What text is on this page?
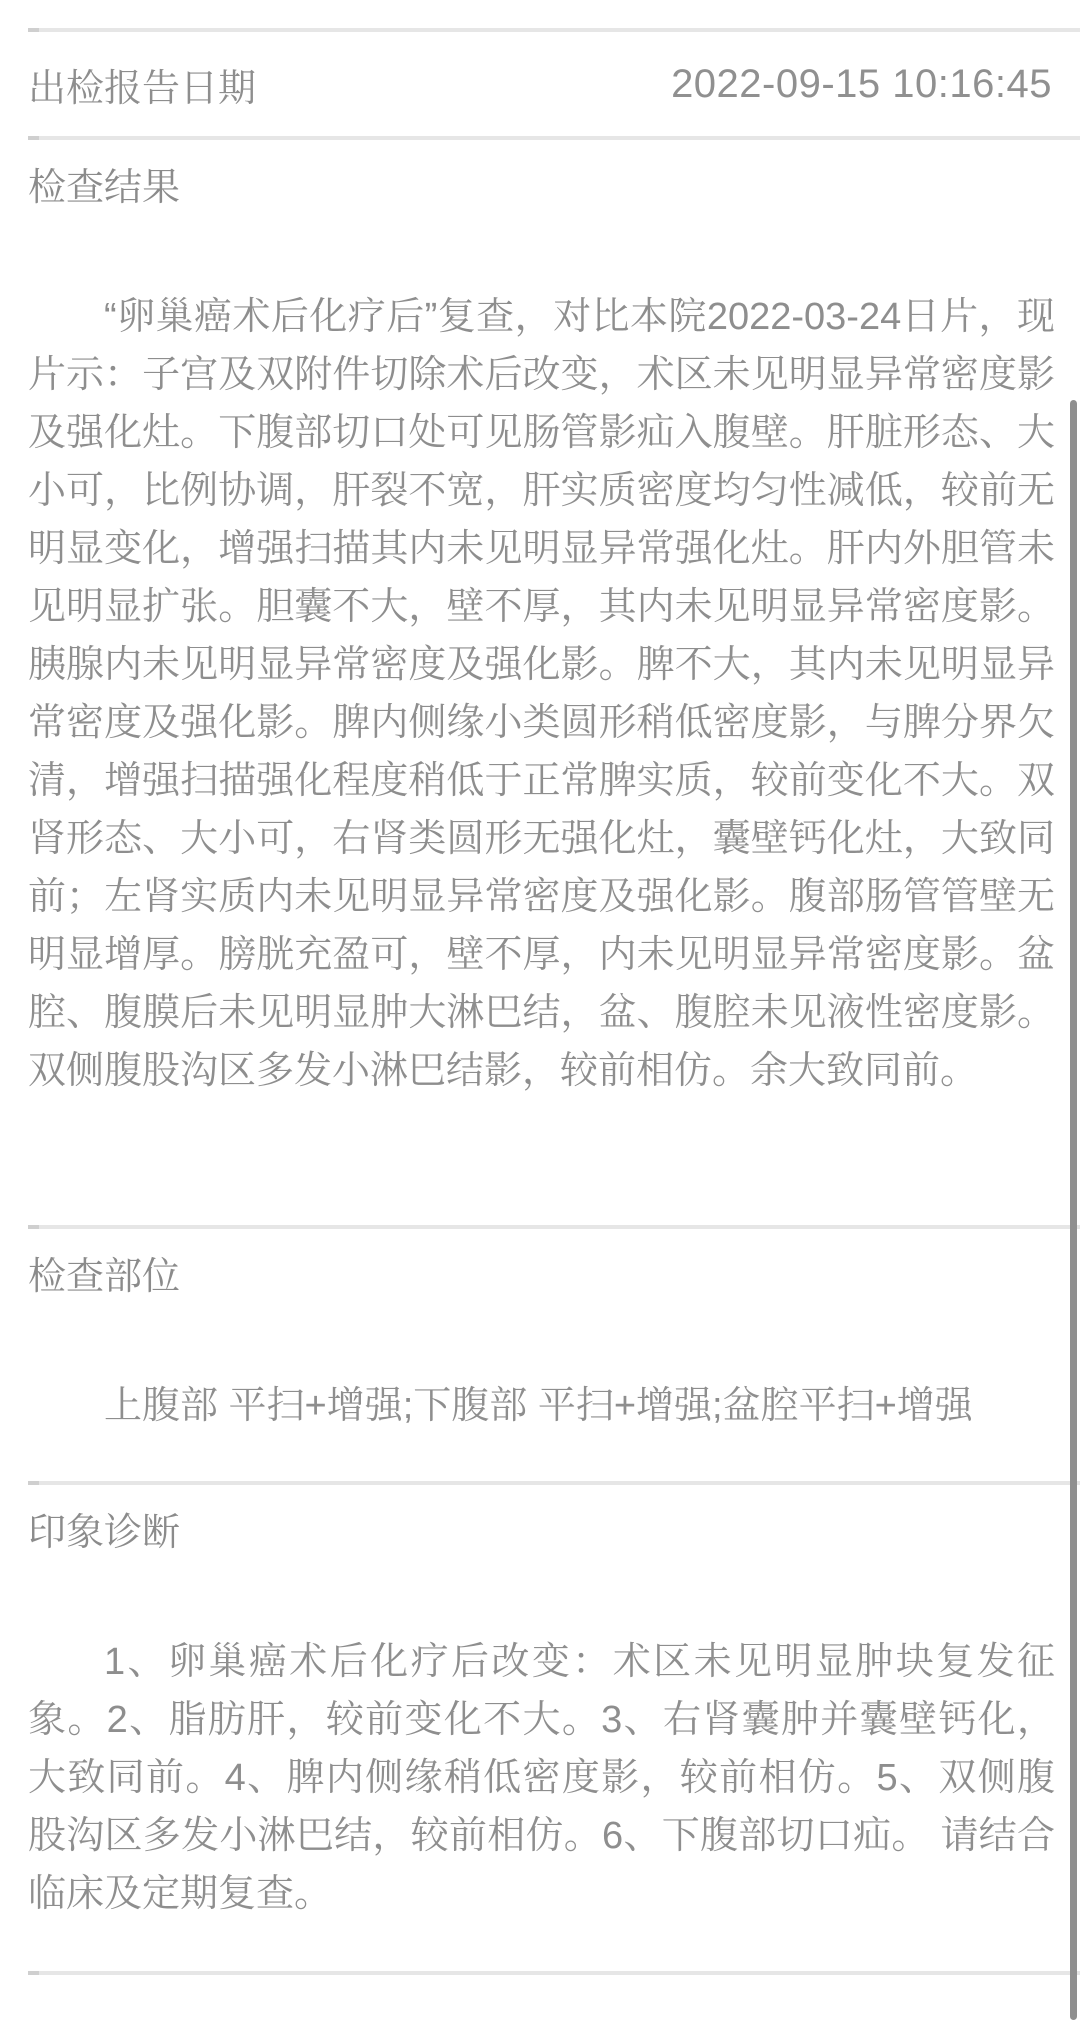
出检报告日期	2022-09-15 10:16:45
检查结果

“卵巢癌术后化疗后”复查，对比本院2022-03-24日片，现片示：子宫及双附件切除术后改变，术区未见明显异常密度影及强化灶。下腹部切口处可见肠管影疝入腹壁。肝脏形态、大小可，比例协调，肝裂不宽，肝实质密度均匀性减低，较前无明显变化，增强扫描其内未见明显异常强化灶。肝内外胆管未见明显扩张。胆囊不大，壁不厚，其内未见明显异常密度影。胰腺内未见明显异常密度及强化影。脾不大，其内未见明显异常密度及强化影。脾内侧缘小类圆形稍低密度影，与脾分界欠清，增强扫描强化程度稍低于正常脾实质，较前变化不大。双肾形态、大小可，右肾类圆形无强化灶，囊壁钙化灶，大致同前；左肾实质内未见明显异常密度及强化影。腹部肠管管壁无明显增厚。膀胱充盈可，壁不厚，内未见明显异常密度影。盆腔、腹膜后未见明显肿大淋巴结，盆、腹腔未见液性密度影。双侧腹股沟区多发小淋巴结影，较前相仿。余大致同前。

检查部位

上腹部 平扫+增强;下腹部 平扫+增强;盆腔平扫+增强

印象诊断

1、卵巢癌术后化疗后改变：术区未见明显肿块复发征象。2、脂肪肝，较前变化不大。3、右肾囊肿并囊壁钙化，大致同前。4、脾内侧缘稍低密度影，较前相仿。5、双侧腹股沟区多发小淋巴结，较前相仿。6、下腹部切口疝。 请结合临床及定期复查。
